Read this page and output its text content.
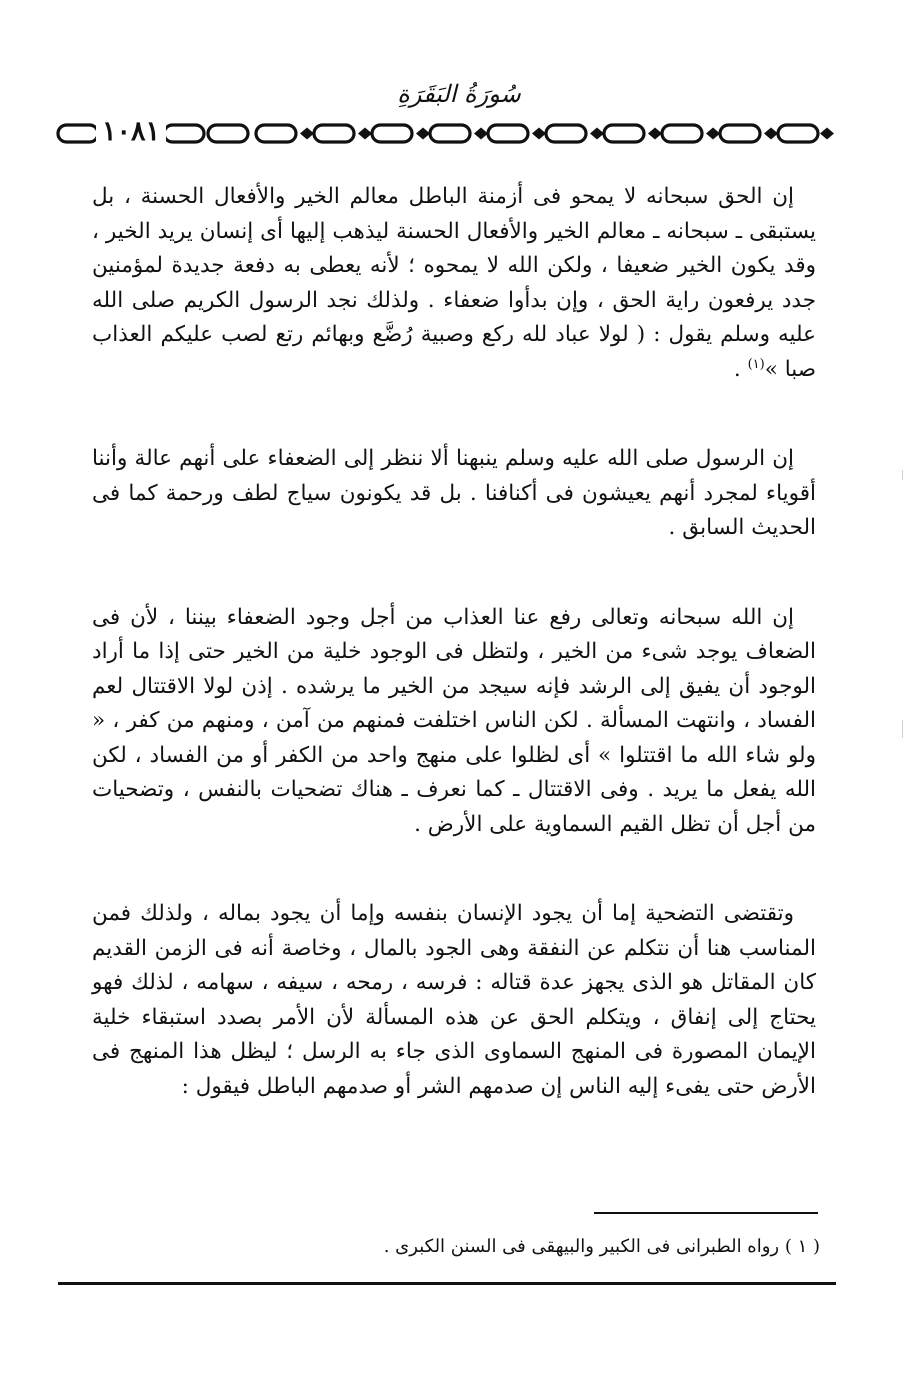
سُورَةُ البَقَرَةِ
١٠٨١

إن الحق سبحانه لا يمحو فى أزمنة الباطل معالم الخير والأفعال الحسنة ، بل يستبقى ـ سبحانه ـ معالم الخير والأفعال الحسنة ليذهب إليها أى إنسان يريد الخير ، وقد يكون الخير ضعيفا ، ولكن الله لا يمحوه ؛ لأنه يعطى به دفعة جديدة لمؤمنين جدد يرفعون راية الحق ، وإن بدأوا ضعفاء . ولذلك نجد الرسول الكريم صلى الله عليه وسلم يقول : ( لولا عباد لله ركع وصبية رُضَّع وبهائم رتع لصب عليكم العذاب صبا »$^{(١)}$ .

إن الرسول صلى الله عليه وسلم ينبهنا ألا ننظر إلى الضعفاء على أنهم عالة وأننا أقوياء لمجرد أنهم يعيشون فى أكنافنا . بل قد يكونون سياج لطف ورحمة كما فى الحديث السابق .

إن الله سبحانه وتعالى رفع عنا العذاب من أجل وجود الضعفاء بيننا ، لأن فى الضعاف يوجد شىء من الخير ، ولتظل فى الوجود خلية من الخير حتى إذا ما أراد الوجود أن يفيق إلى الرشد فإنه سيجد من الخير ما يرشده . إذن لولا الاقتتال لعم الفساد ، وانتهت المسألة . لكن الناس اختلفت فمنهم من آمن ، ومنهم من كفر ، « ولو شاء الله ما اقتتلوا » أى لظلوا على منهج واحد من الكفر أو من الفساد ، لكن الله يفعل ما يريد . وفى الاقتتال ـ كما نعرف ـ هناك تضحيات بالنفس ، وتضحيات من أجل أن تظل القيم السماوية على الأرض .

وتقتضى التضحية إما أن يجود الإنسان بنفسه وإما أن يجود بماله ، ولذلك فمن المناسب هنا أن نتكلم عن النفقة وهى الجود بالمال ، وخاصة أنه فى الزمن القديم كان المقاتل هو الذى يجهز عدة قتاله : فرسه ، رمحه ، سيفه ، سهامه ، لذلك فهو يحتاج إلى إنفاق ، ويتكلم الحق عن هذه المسألة لأن الأمر بصدد استبقاء خلية الإيمان المصورة فى المنهج السماوى الذى جاء به الرسل ؛ ليظل هذا المنهج فى الأرض حتى يفىء إليه الناس إن صدمهم الشر أو صدمهم الباطل فيقول :

( ١ ) رواه الطبرانى فى الكبير والبيهقى فى السنن الكبرى .
